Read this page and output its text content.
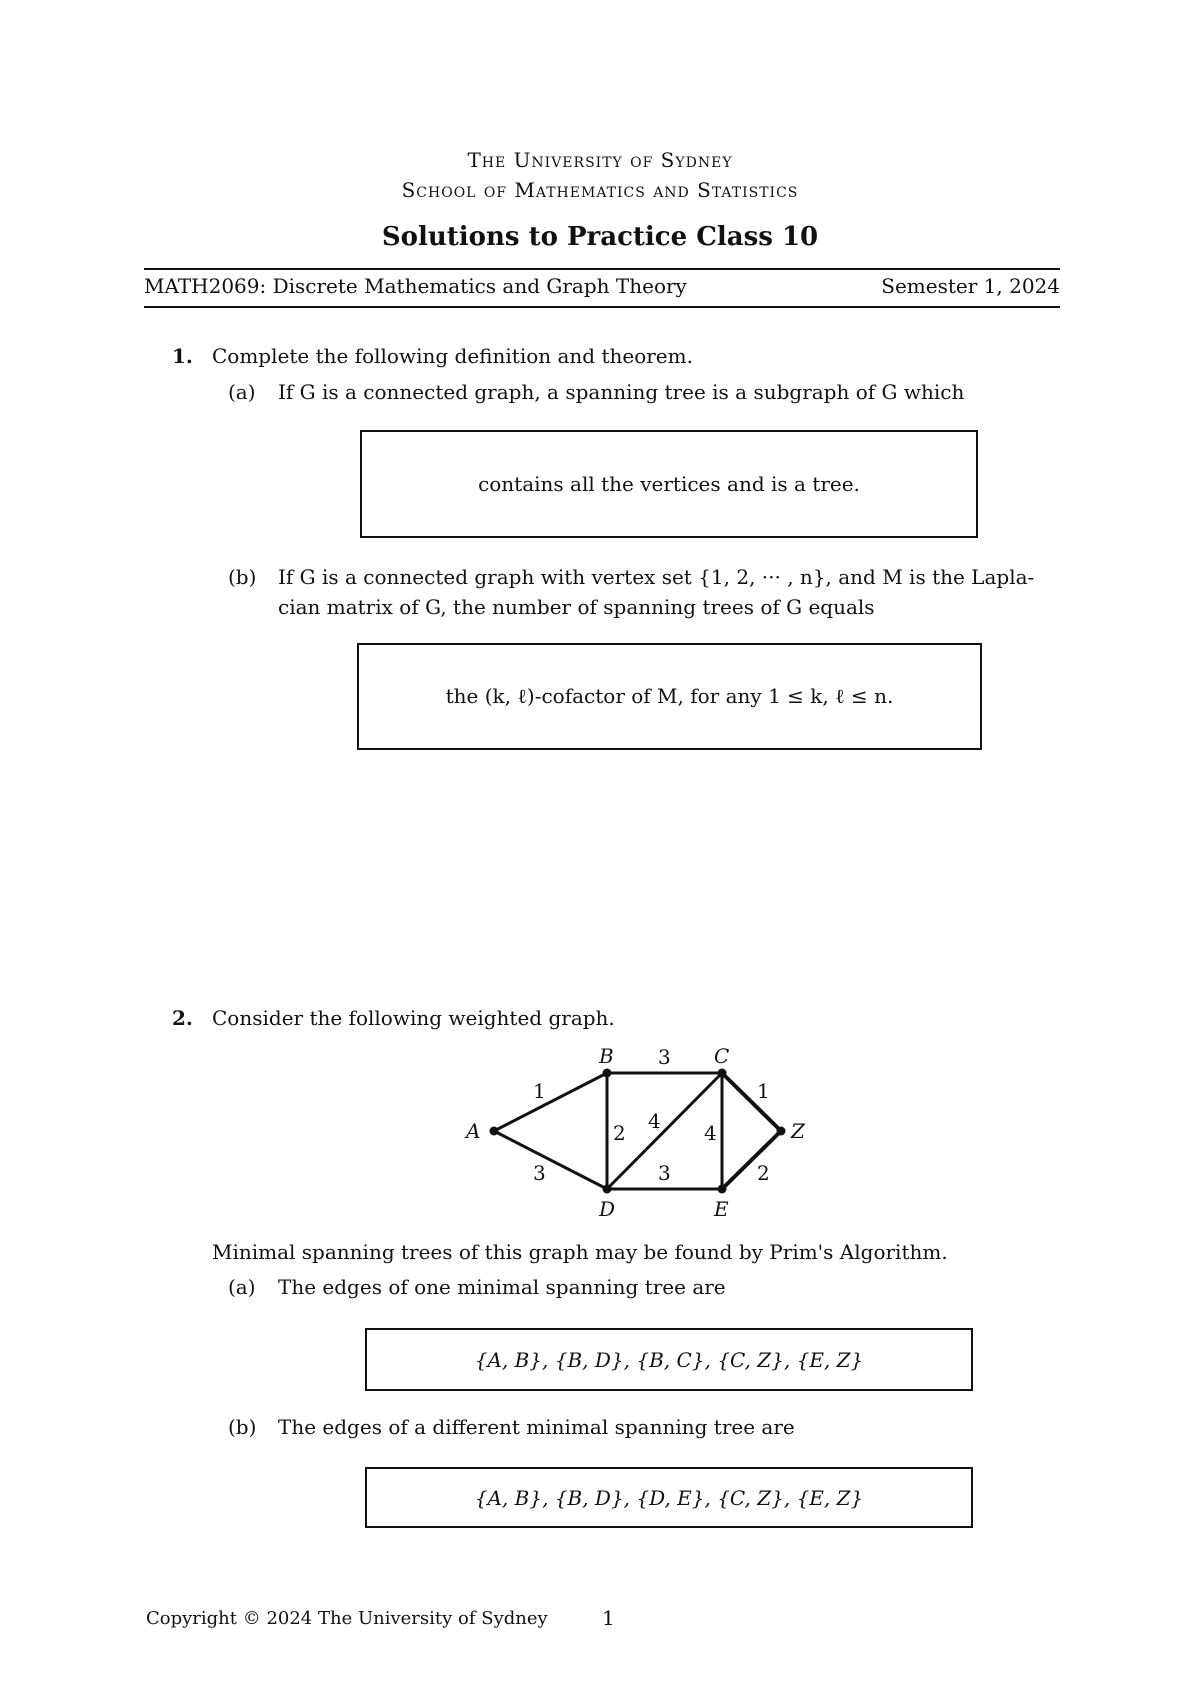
The University of Sydney
School of Mathematics and Statistics
Solutions to Practice Class 10
MATH2069: Discrete Mathematics and Graph Theory	Semester 1, 2024
1. Complete the following definition and theorem.
(a) If G is a connected graph, a spanning tree is a subgraph of G which
contains all the vertices and is a tree.
(b) If G is a connected graph with vertex set {1, 2, ··· , n}, and M is the Lapla-
cian matrix of G, the number of spanning trees of G equals
the (k, ℓ)-cofactor of M, for any 1 ≤ k, ℓ ≤ n.
2. Consider the following weighted graph.
A
B	C
D	E
Z
1
3
3
2 4 4
1
3	2
Minimal spanning trees of this graph may be found by Prim's Algorithm.
(a) The edges of one minimal spanning tree are
{A, B}, {B, D}, {B, C}, {C, Z}, {E, Z}
(b) The edges of a different minimal spanning tree are
{A, B}, {B, D}, {D, E}, {C, Z}, {E, Z}
Copyright © 2024 The University of Sydney	1
